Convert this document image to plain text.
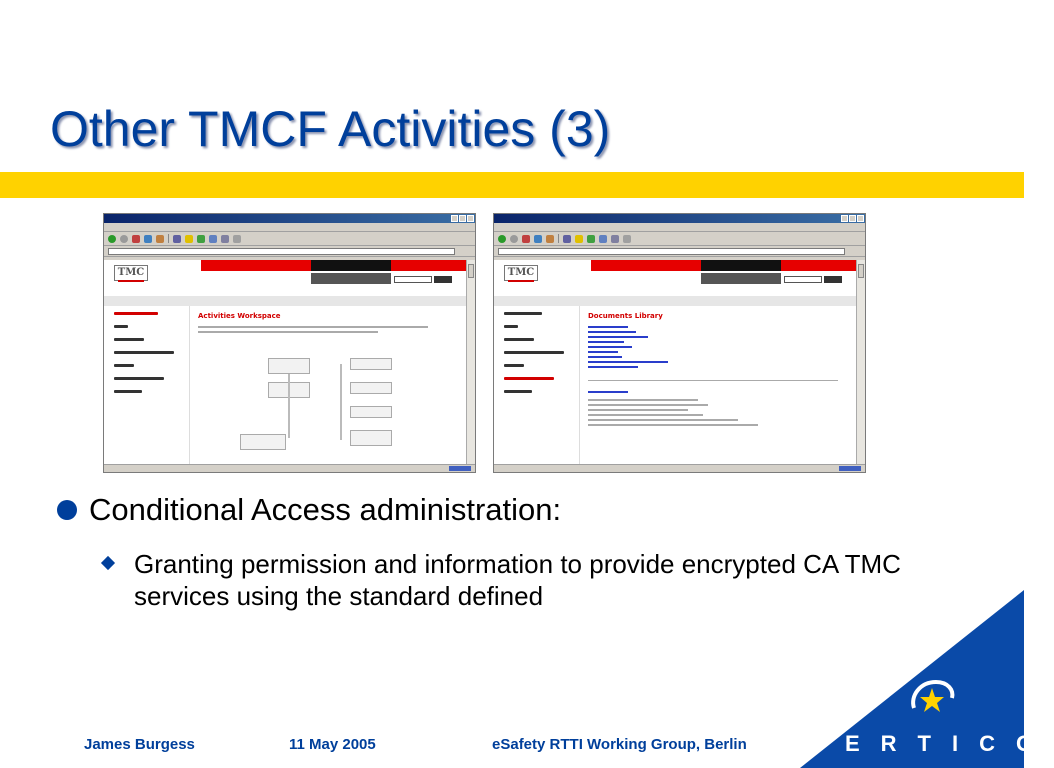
Other TMCF Activities (3)
TMC
Activities Workspace
TMC
Documents Library
Conditional Access administration:
Granting permission and information to provide encrypted CA TMC services using the standard defined
ERTICO
James Burgess	11 May 2005	eSafety RTTI Working Group, Berlin
